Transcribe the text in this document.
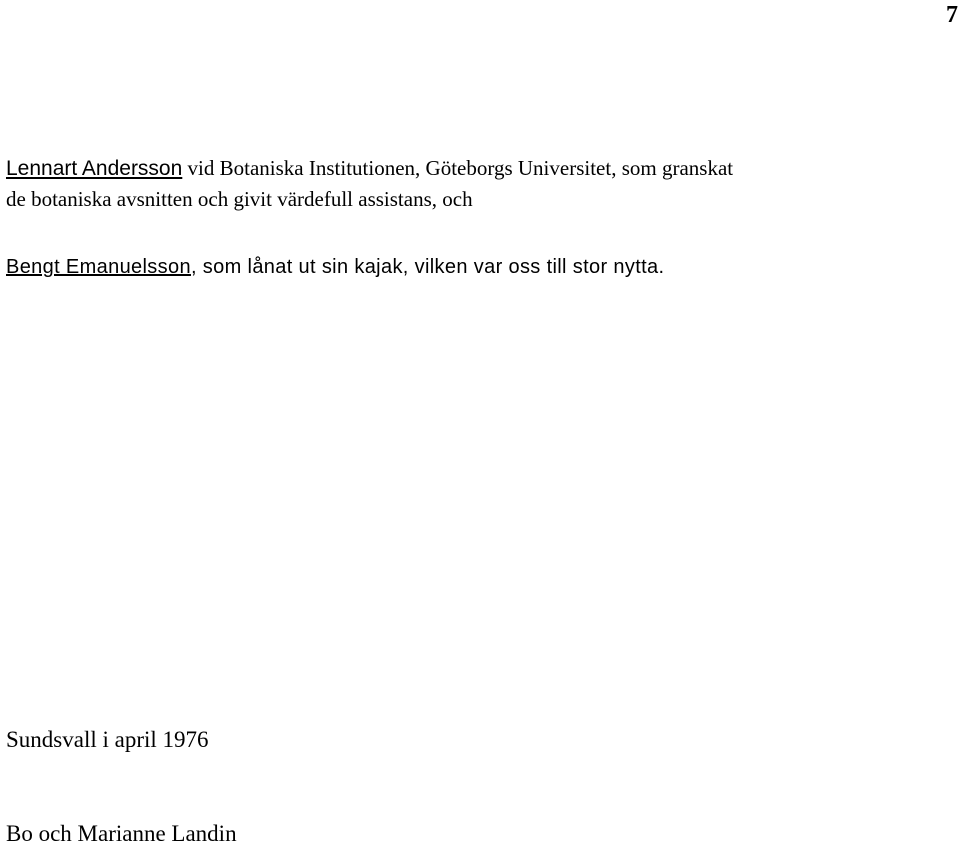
7
Lennart Andersson vid Botaniska Institutionen, Göteborgs Universitet, som granskat
de botaniska avsnitten och givit värdefull assistans, och
Bengt Emanuelsson, som lånat ut sin kajak, vilken var oss till stor nytta.
Sundsvall i april 1976
Bo och Marianne Landin
